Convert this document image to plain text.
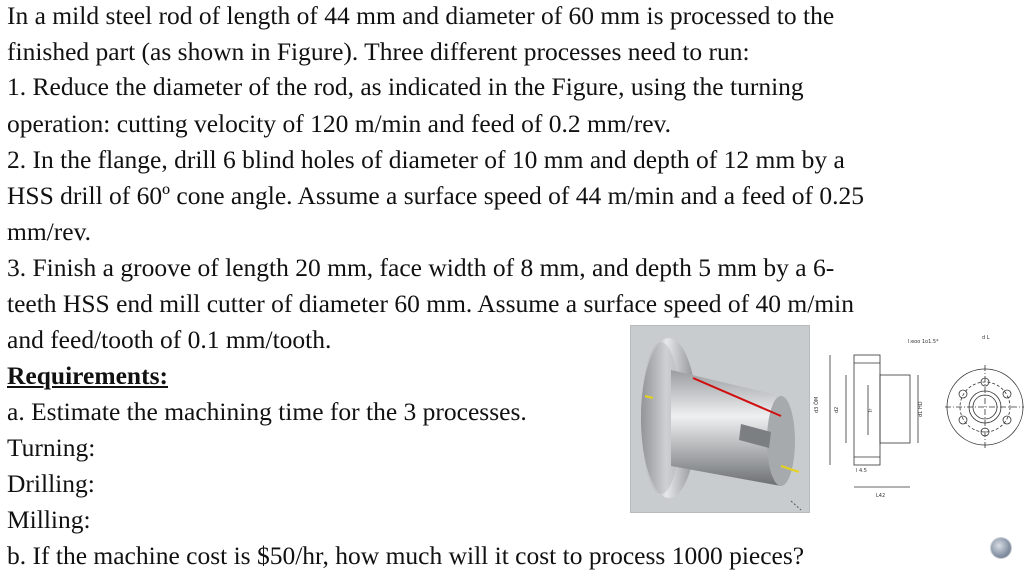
In a mild steel rod of length of 44 mm and diameter of 60 mm is processed to the

finished part (as shown in Figure). Three different processes need to run:

1. Reduce the diameter of the rod, as indicated in the Figure, using the turning

operation: cutting velocity of 120 m/min and feed of 0.2 mm/rev.

2. In the flange, drill 6 blind holes of diameter of 10 mm and depth of 12 mm by a

HSS drill of 60º cone angle. Assume a surface speed of 44 m/min and a feed of 0.25

mm/rev.

3. Finish a groove of length 20 mm, face width of 8 mm, and depth 5 mm by a 6-

teeth HSS end mill cutter of diameter 60 mm. Assume a surface speed of 40 m/min

and feed/tooth of 0.1 mm/tooth.

Requirements:

a. Estimate the machining time for the 3 processes.

Turning:

Drilling:

Milling:

b. If the machine cost is $50/hr, how much will it cost to process 1000 pieces?

d3 ÔM	d2	Tr	d1 HD
l:eoo 1o1.5*
d L
l 4.5
L42
